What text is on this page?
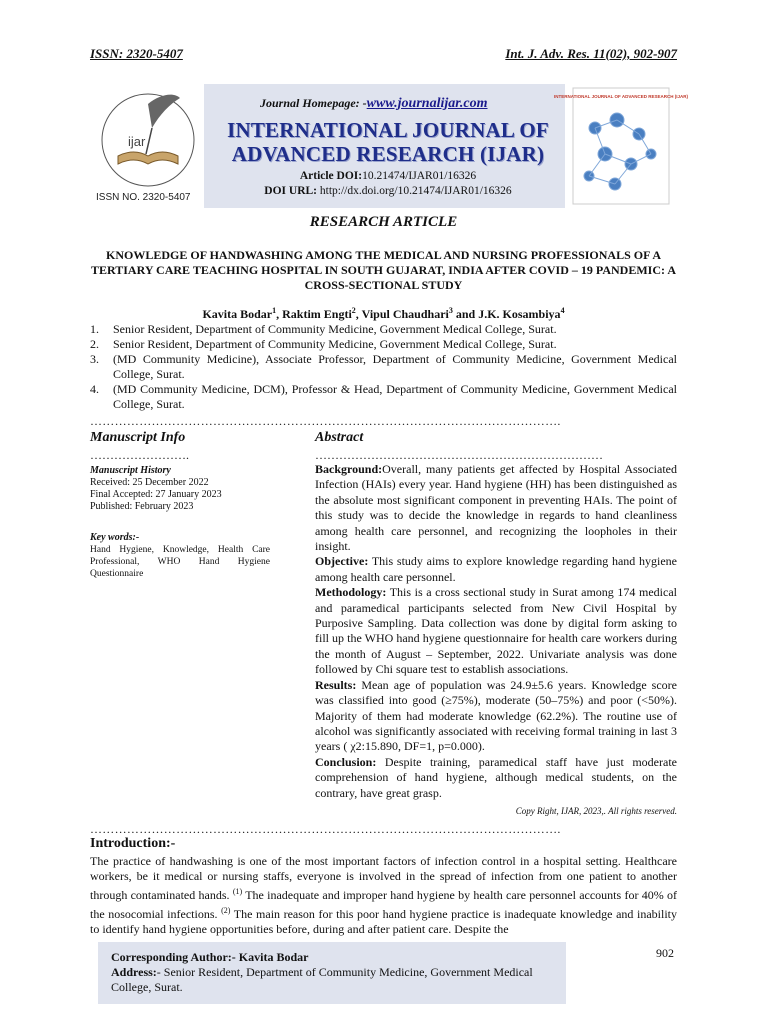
ISSN: 2320-5407	Int. J. Adv. Res. 11(02), 902-907
ijar
ISSN NO. 2320-5407
INTERNATIONAL JOURNAL OF ADVANCED RESEARCH (IJAR)
Journal Homepage: -www.journalijar.com
INTERNATIONAL JOURNAL OF
ADVANCED RESEARCH (IJAR)
Article DOI:10.21474/IJAR01/16326
DOI URL: http://dx.doi.org/10.21474/IJAR01/16326
RESEARCH ARTICLE
KNOWLEDGE OF HANDWASHING AMONG THE MEDICAL AND NURSING PROFESSIONALS OF A TERTIARY CARE TEACHING HOSPITAL IN SOUTH GUJARAT, INDIA AFTER COVID – 19 PANDEMIC: A CROSS-SECTIONAL STUDY
Kavita Bodar$^1$, Raktim Engti$^2$, Vipul Chaudhari$^3$ and J.K. Kosambiya$^4$
1. Senior Resident, Department of Community Medicine, Government Medical College, Surat.
2. Senior Resident, Department of Community Medicine, Government Medical College, Surat.
3. (MD Community Medicine), Associate Professor, Department of Community Medicine, Government Medical College, Surat.
4. (MD Community Medicine, DCM), Professor & Head, Department of Community Medicine, Government Medical College, Surat.
…………………………………………………………………………………………………….
Manuscript Info
…………………….
Manuscript History
Received: 25 December 2022
Final Accepted: 27 January 2023
Published: February 2023
Key words:-
Hand Hygiene, Knowledge, Health Care Professional, WHO Hand Hygiene Questionnaire
Abstract
………………………………………………………………
Background:Overall, many patients get affected by Hospital Associated Infection (HAIs) every year. Hand hygiene (HH) has been distinguished as the absolute most significant component in preventing HAIs. The point of this study was to decide the knowledge in regards to hand cleanliness among health care personnel, and recognizing the loopholes in their insight.
Objective: This study aims to explore knowledge regarding hand hygiene among health care personnel.
Methodology: This is a cross sectional study in Surat among 174 medical and paramedical participants selected from New Civil Hospital by Purposive Sampling. Data collection was done by digital form asking to fill up the WHO hand hygiene questionnaire for health care workers during the month of August – September, 2022. Univariate analysis was done followed by Chi square test to establish associations.
Results: Mean age of population was 24.9±5.6 years. Knowledge score was classified into good (≥75%), moderate (50–75%) and poor (<50%). Majority of them had moderate knowledge (62.2%). The routine use of alcohol was significantly associated with receiving formal training in last 3 years ( χ2:15.890, DF=1, p=0.000).
Conclusion: Despite training, paramedical staff have just moderate comprehension of hand hygiene, although medical students, on the contrary, have great grasp.
Copy Right, IJAR, 2023,. All rights reserved.
…………………………………………………………………………………………………….
Introduction:-
The practice of handwashing is one of the most important factors of infection control in a hospital setting. Healthcare workers, be it medical or nursing staffs, everyone is involved in the spread of infection from one patient to another through contaminated hands. $^{(1)}$ The inadequate and improper hand hygiene by health care personnel accounts for 40% of the nosocomial infections. $^{(2)}$ The main reason for this poor hand hygiene practice is inadequate knowledge and inability to identify hand hygiene opportunities before, during and after patient care. Despite the
Corresponding Author:- Kavita Bodar
Address:- Senior Resident, Department of Community Medicine, Government Medical College, Surat.
902
